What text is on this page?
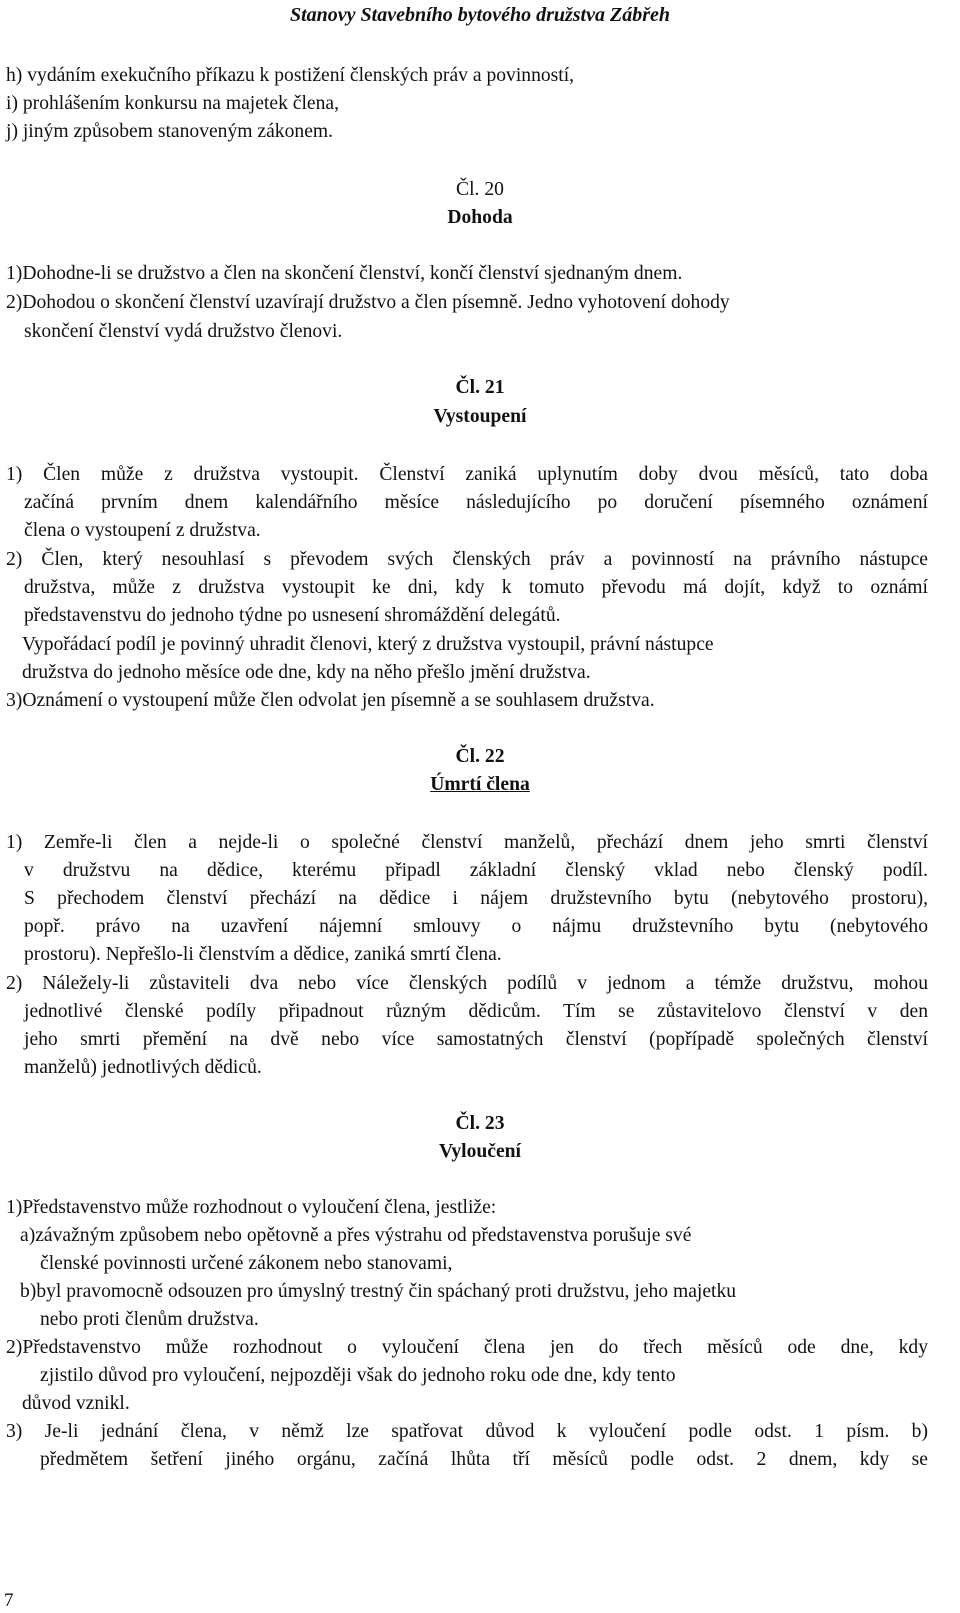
Stanovy Stavebního bytového družstva Zábřeh
h) vydáním exekučního příkazu k postižení členských práv a povinností,
i) prohlášením konkursu na majetek člena,
j) jiným způsobem stanoveným zákonem.
Čl. 20
Dohoda
1)Dohodne-li se družstvo a člen na skončení členství, končí členství sjednaným dnem.
2)Dohodou o skončení členství uzavírají družstvo a člen písemně. Jedno vyhotovení dohody
skončení členství vydá družstvo členovi.
Čl. 21
Vystoupení
1) Člen může z družstva vystoupit. Členství zaniká uplynutím doby dvou měsíců, tato doba
začíná prvním dnem kalendářního měsíce následujícího po doručení písemného oznámení
člena o vystoupení z družstva.
2) Člen, který nesouhlasí s převodem svých členských práv a povinností na právního nástupce
družstva, může z družstva vystoupit ke dni, kdy k tomuto převodu má dojít, když to oznámí
představenstvu do jednoho týdne po usnesení shromáždění delegátů.
Vypořádací podíl je povinný uhradit členovi, který z družstva vystoupil, právní nástupce
družstva do jednoho měsíce ode dne, kdy na něho přešlo jmění družstva.
3)Oznámení o vystoupení může člen odvolat jen písemně a se souhlasem družstva.
Čl. 22
Úmrtí člena
1) Zemře-li člen a nejde-li o společné členství manželů, přechází dnem jeho smrti členství
v družstvu na dědice, kterému připadl základní členský vklad nebo členský podíl.
S přechodem členství přechází na dědice i nájem družstevního bytu (nebytového prostoru),
popř. právo na uzavření nájemní smlouvy o nájmu družstevního bytu (nebytového
prostoru). Nepřešlo-li členstvím a dědice, zaniká smrtí člena.
2) Náležely-li zůstaviteli dva nebo více členských podílů v jednom a témže družstvu, mohou
jednotlivé členské podíly připadnout různým dědicům. Tím se zůstavitelovo členství v den
jeho smrti přemění na dvě nebo více samostatných členství (popřípadě společných členství
manželů) jednotlivých dědiců.
Čl. 23
Vyloučení
1)Představenstvo může rozhodnout o vyloučení člena, jestliže:
a)závažným způsobem nebo opětovně a přes výstrahu od představenstva porušuje své
členské povinnosti určené zákonem nebo stanovami,
b)byl pravomocně odsouzen pro úmyslný trestný čin spáchaný proti družstvu, jeho majetku
nebo proti členům družstva.
2)Představenstvo může rozhodnout o vyloučení člena jen do třech měsíců ode dne, kdy
zjistilo důvod pro vyloučení, nejpozději však do jednoho roku ode dne, kdy tento
důvod vznikl.
3) Je-li jednání člena, v němž lze spatřovat důvod k vyloučení podle odst. 1 písm. b)
předmětem šetření jiného orgánu, začíná lhůta tří měsíců podle odst. 2 dnem, kdy se
7
